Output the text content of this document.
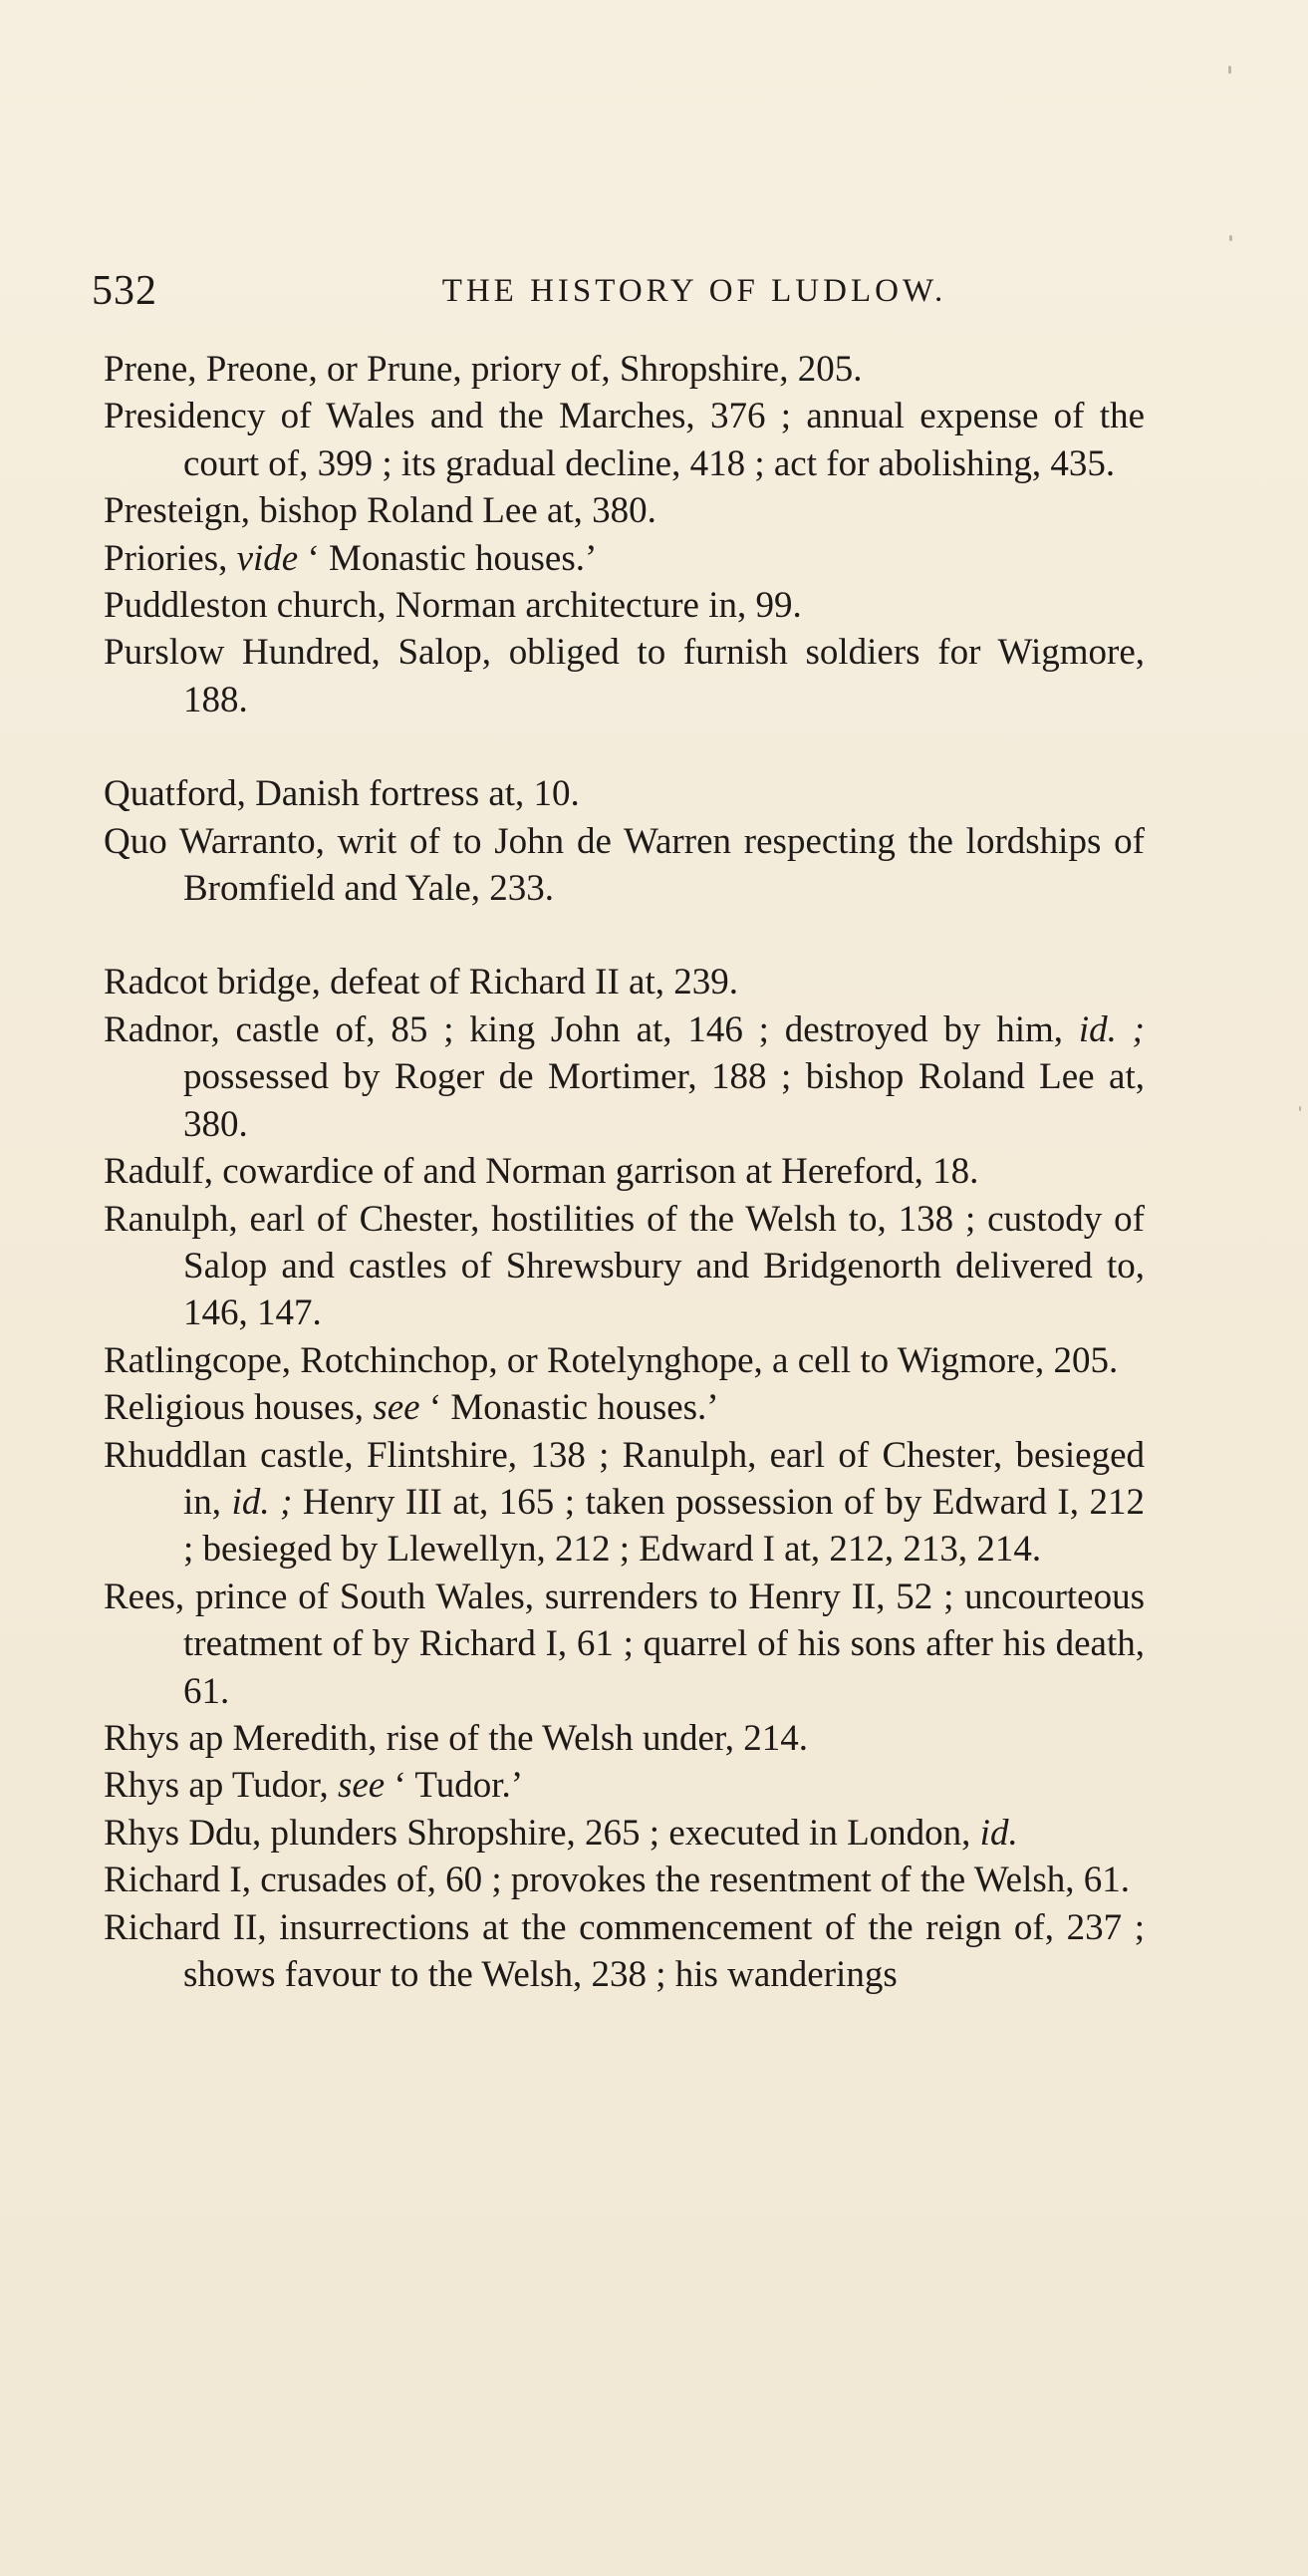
532	THE HISTORY OF LUDLOW.
Prene, Preone, or Prune, priory of, Shropshire, 205.
Presidency of Wales and the Marches, 376 ; annual expense of the court of, 399 ; its gradual decline, 418 ; act for abolishing, 435.
Presteign, bishop Roland Lee at, 380.
Priories, vide ‘ Monastic houses.’
Puddleston church, Norman architecture in, 99.
Purslow Hundred, Salop, obliged to furnish soldiers for Wigmore, 188.
Quatford, Danish fortress at, 10.
Quo Warranto, writ of to John de Warren respecting the lordships of Bromfield and Yale, 233.
Radcot bridge, defeat of Richard II at, 239.
Radnor, castle of, 85 ; king John at, 146 ; destroyed by him, id. ; possessed by Roger de Mortimer, 188 ; bishop Roland Lee at, 380.
Radulf, cowardice of and Norman garrison at Hereford, 18.
Ranulph, earl of Chester, hostilities of the Welsh to, 138 ; custody of Salop and castles of Shrewsbury and Bridgenorth delivered to, 146, 147.
Ratlingcope, Rotchinchop, or Rotelynghope, a cell to Wigmore, 205.
Religious houses, see ‘ Monastic houses.’
Rhuddlan castle, Flintshire, 138 ; Ranulph, earl of Chester, besieged in, id. ; Henry III at, 165 ; taken possession of by Edward I, 212 ; besieged by Llewellyn, 212 ; Edward I at, 212, 213, 214.
Rees, prince of South Wales, surrenders to Henry II, 52 ; uncourteous treatment of by Richard I, 61 ; quarrel of his sons after his death, 61.
Rhys ap Meredith, rise of the Welsh under, 214.
Rhys ap Tudor, see ‘ Tudor.’
Rhys Ddu, plunders Shropshire, 265 ; executed in London, id.
Richard I, crusades of, 60 ; provokes the resentment of the Welsh, 61.
Richard II, insurrections at the commencement of the reign of, 237 ; shows favour to the Welsh, 238 ; his wanderings
